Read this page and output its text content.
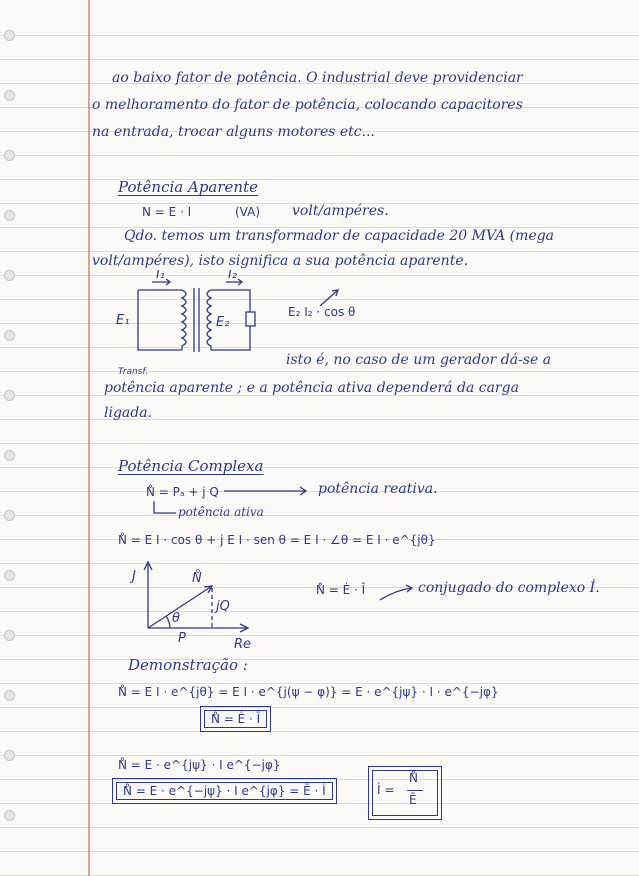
ao baixo fator de potência. O industrial deve providenciar
o melhoramento do fator de potência, colocando capacitores
na entrada, trocar alguns motores etc...
Potência Aparente
N = E · I	(VA) volt/ampéres.
Qdo. temos um transformador de capacidade 20 MVA (mega
volt/ampéres), isto significa a sua potência aparente.
E₁	E₂
I₁	I₂
Transf.
E₂ I₂ · cos θ
isto é, no caso de um gerador dá-se a
potência aparente ; e a potência ativa dependerá da carga
ligada.
Potência Complexa
N̊ = Pₐ + j Q	potência reativa.
potência ativa
N̊ = E I · cos θ + j E I · sen θ = E I · ∠θ = E I · e^{jθ}
J
Re
N̊
jQ
θ
P
N̊ = Ė · Ī	conjugado do complexo İ.
Demonstração :
N̊ = E I · e^{jθ} = E I · e^{j(ψ − φ)} = E · e^{jψ} · I · e^{−jφ}
N̊ = Ė · Ī
N̊ = E · e^{jψ} · I e^{−jφ}
N̊ = E · e^{−jψ} · I e^{jφ} = Ē · İ	İ =
N̊
Ē
